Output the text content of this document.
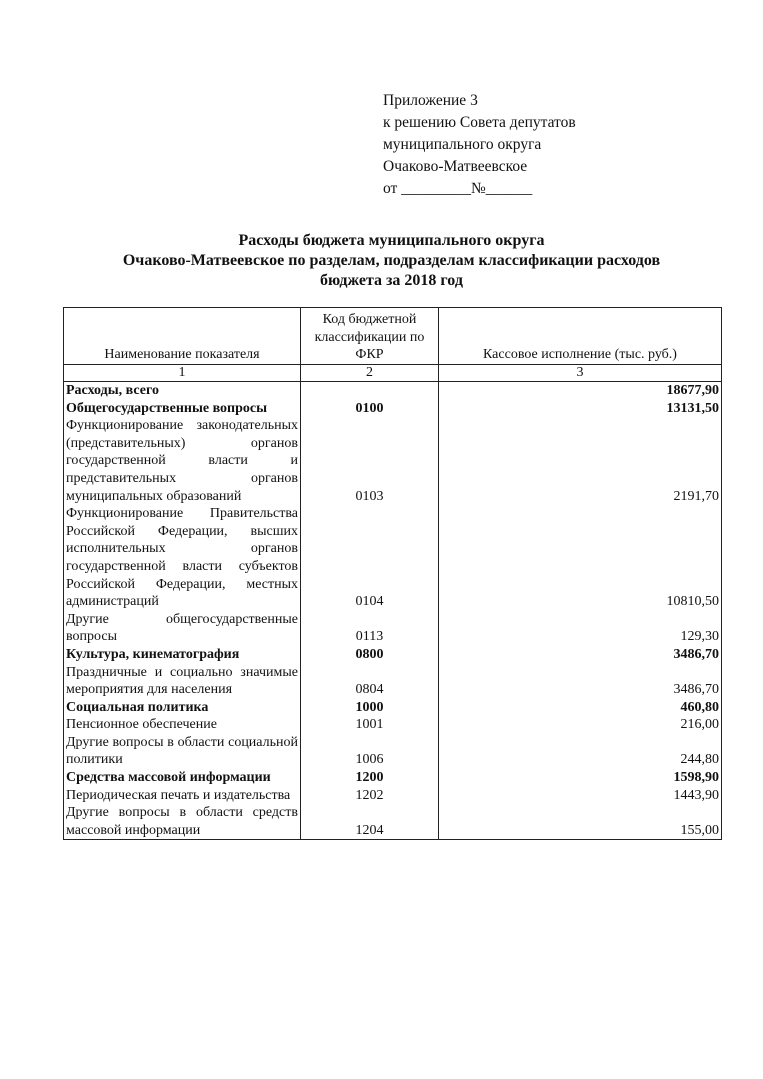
Приложение 3
к решению Совета депутатов
муниципального округа
Очаково-Матвеевское
от _________№______
Расходы бюджета муниципального округа
Очаково-Матвеевское по разделам, подразделам классификации расходов
бюджета за 2018 год
Наименование показателя	Код бюджетной классификации по ФКР	Кассовое исполнение (тыс. руб.)
1	2	3
Расходы, всего		18677,90
Общегосударственные вопросы	0100	13131,50
Функционирование законодательных (представительных) органов государственной власти и представительных органов муниципальных образований	0103	2191,70
Функционирование Правительства Российской Федерации, высших исполнительных органов государственной власти субъектов Российской Федерации, местных администраций	0104	10810,50
Другие общегосударственные вопросы	0113	129,30
Культура, кинематография	0800	3486,70
Праздничные и социально значимые мероприятия для населения	0804	3486,70
Социальная политика	1000	460,80
Пенсионное обеспечение	1001	216,00
Другие вопросы в области социальной политики	1006	244,80
Средства массовой информации	1200	1598,90
Периодическая печать и издательства	1202	1443,90
Другие вопросы в области средств массовой информации	1204	155,00
